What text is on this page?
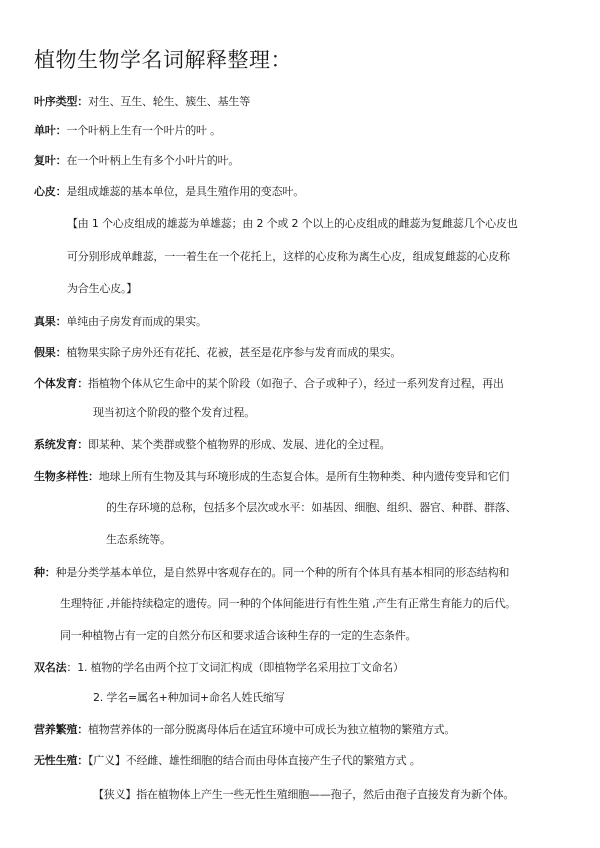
植物生物学名词解释整理：
叶序类型：对生、互生、轮生、簇生、基生等
单叶：一个叶柄上生有一个叶片的叶 。
复叶：在一个叶柄上生有多个小叶片的叶。
心皮：是组成雄蕊的基本单位，是具生殖作用的变态叶。
【由 1 个心皮组成的雄蕊为单雄蕊；由 2 个或 2 个以上的心皮组成的雌蕊为复雌蕊几个心皮也
可分别形成单雌蕊，一一着生在一个花托上，这样的心皮称为离生心皮，组成复雌蕊的心皮称
为合生心皮。】
真果：单纯由子房发育而成的果实。
假果：植物果实除子房外还有花托、花被，甚至是花序参与发育而成的果实。
个体发育：指植物个体从它生命中的某个阶段（如孢子、合子或种子），经过一系列发育过程，再出
现当初这个阶段的整个发育过程。
系统发育：即某种、某个类群或整个植物界的形成、发展、进化的全过程。
生物多样性：地球上所有生物及其与环境形成的生态复合体。是所有生物种类、种内遗传变异和它们
的生存环境的总称，包括多个层次或水平：如基因、细胞、组织、器官、种群、群落、
生态系统等。
种：种是分类学基本单位，是自然界中客观存在的。同一个种的所有个体具有基本相同的形态结构和
生理特征 ,并能持续稳定的遗传。同一种的个体间能进行有性生殖 ,产生有正常生育能力的后代。
同一种植物占有一定的自然分布区和要求适合该种生存的一定的生态条件。
双名法：1. 植物的学名由两个拉丁文词汇构成（即植物学名采用拉丁文命名）
2. 学名=属名+种加词+命名人姓氏缩写
营养繁殖：植物营养体的一部分脱离母体后在适宜环境中可成长为独立植物的繁殖方式。
无性生殖：【广义】不经雌、雄性细胞的结合而由母体直接产生子代的繁殖方式 。
【狭义】指在植物体上产生一些无性生殖细胞——孢子，然后由孢子直接发育为新个体。
